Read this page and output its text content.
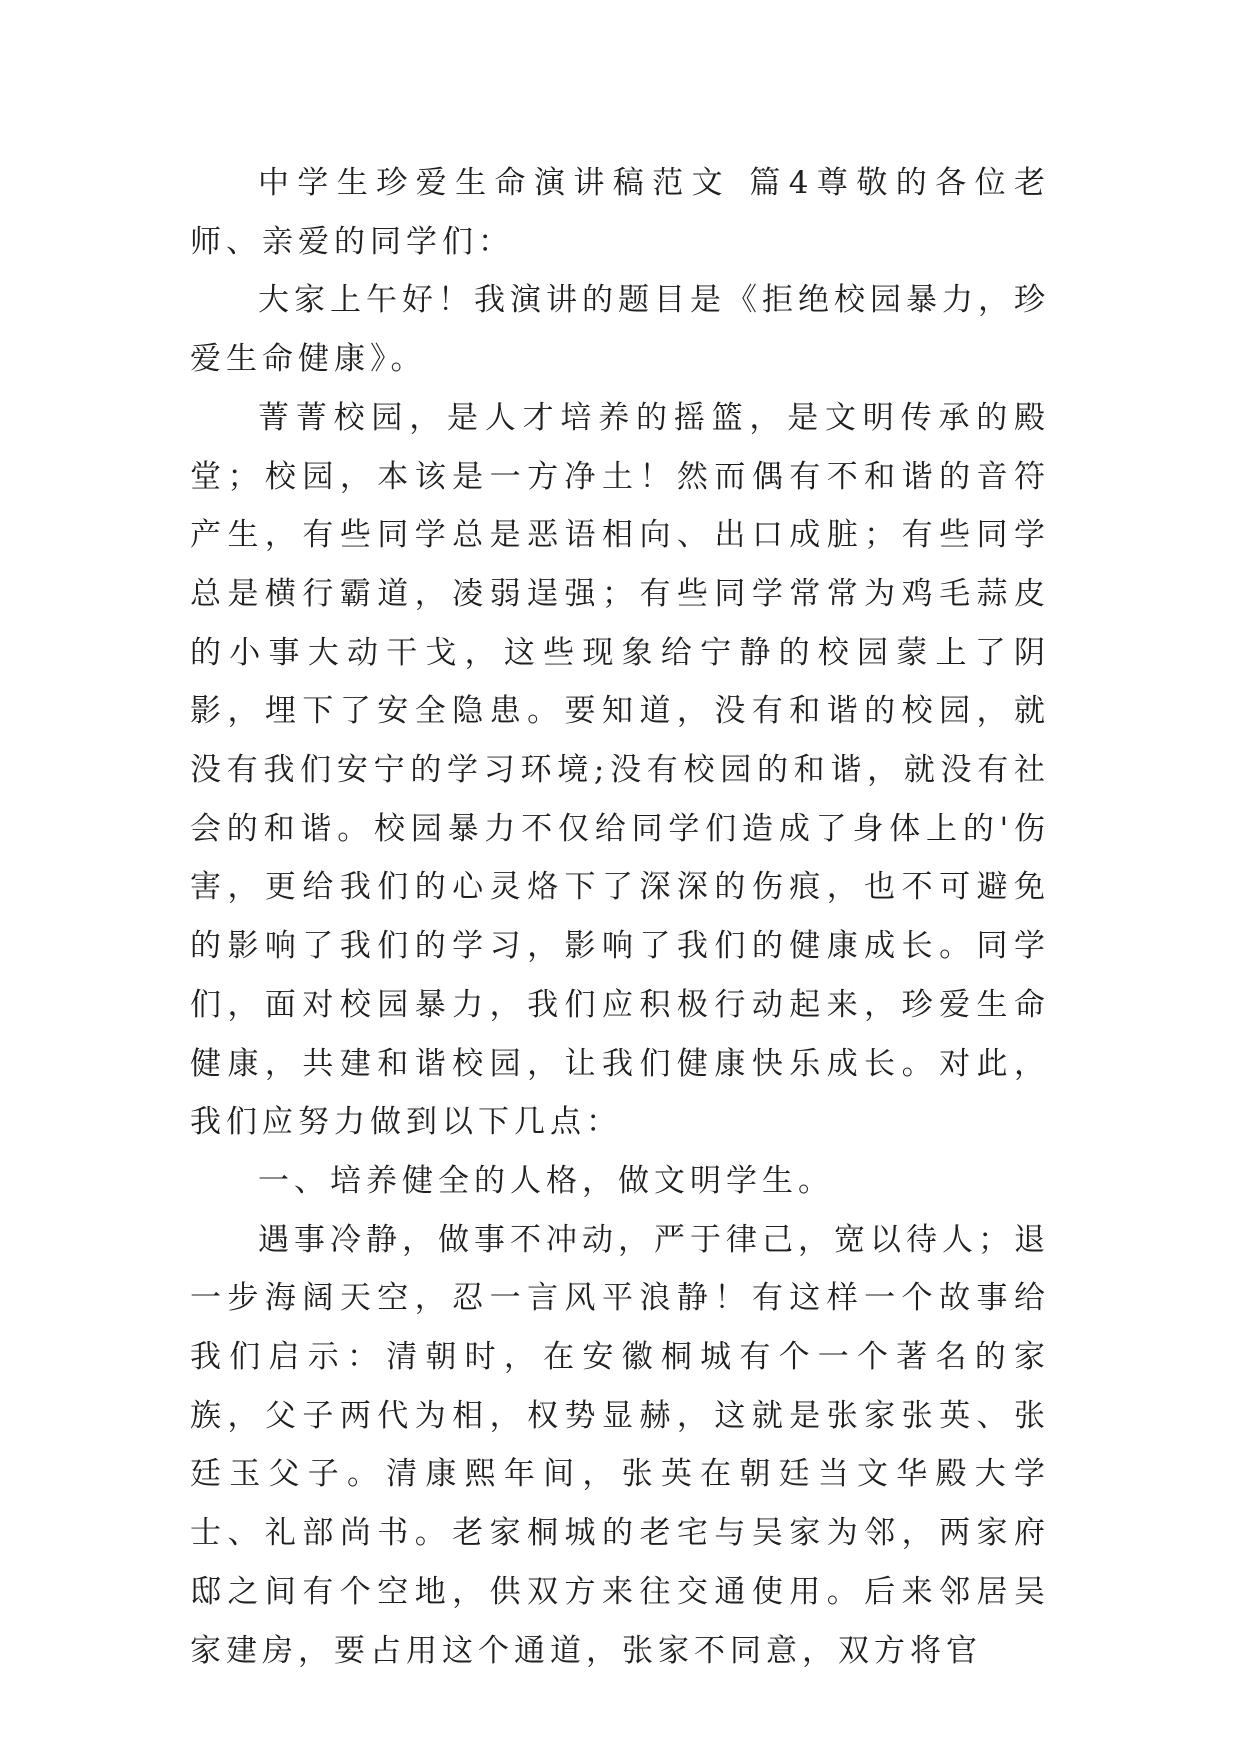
中学生珍爱生命演讲稿范文 篇4尊敬的各位老师、亲爱的同学们：

大家上午好！我演讲的题目是《拒绝校园暴力，珍爱生命健康》。

菁菁校园，是人才培养的摇篮，是文明传承的殿堂；校园，本该是一方净土！然而偶有不和谐的音符产生，有些同学总是恶语相向、出口成脏；有些同学总是横行霸道，凌弱逞强；有些同学常常为鸡毛蒜皮的小事大动干戈，这些现象给宁静的校园蒙上了阴影，埋下了安全隐患。要知道，没有和谐的校园，就没有我们安宁的学习环境;没有校园的和谐，就没有社会的和谐。校园暴力不仅给同学们造成了身体上的'伤害，更给我们的心灵烙下了深深的伤痕，也不可避免的影响了我们的学习，影响了我们的健康成长。同学们，面对校园暴力，我们应积极行动起来，珍爱生命健康，共建和谐校园，让我们健康快乐成长。对此，我们应努力做到以下几点：

一、培养健全的人格，做文明学生。

遇事冷静，做事不冲动，严于律己，宽以待人；退一步海阔天空，忍一言风平浪静！有这样一个故事给我们启示：清朝时，在安徽桐城有个一个著名的家族，父子两代为相，权势显赫，这就是张家张英、张廷玉父子。清康熙年间，张英在朝廷当文华殿大学士、礼部尚书。老家桐城的老宅与吴家为邻，两家府邸之间有个空地，供双方来往交通使用。后来邻居吴家建房，要占用这个通道，张家不同意，双方将官
